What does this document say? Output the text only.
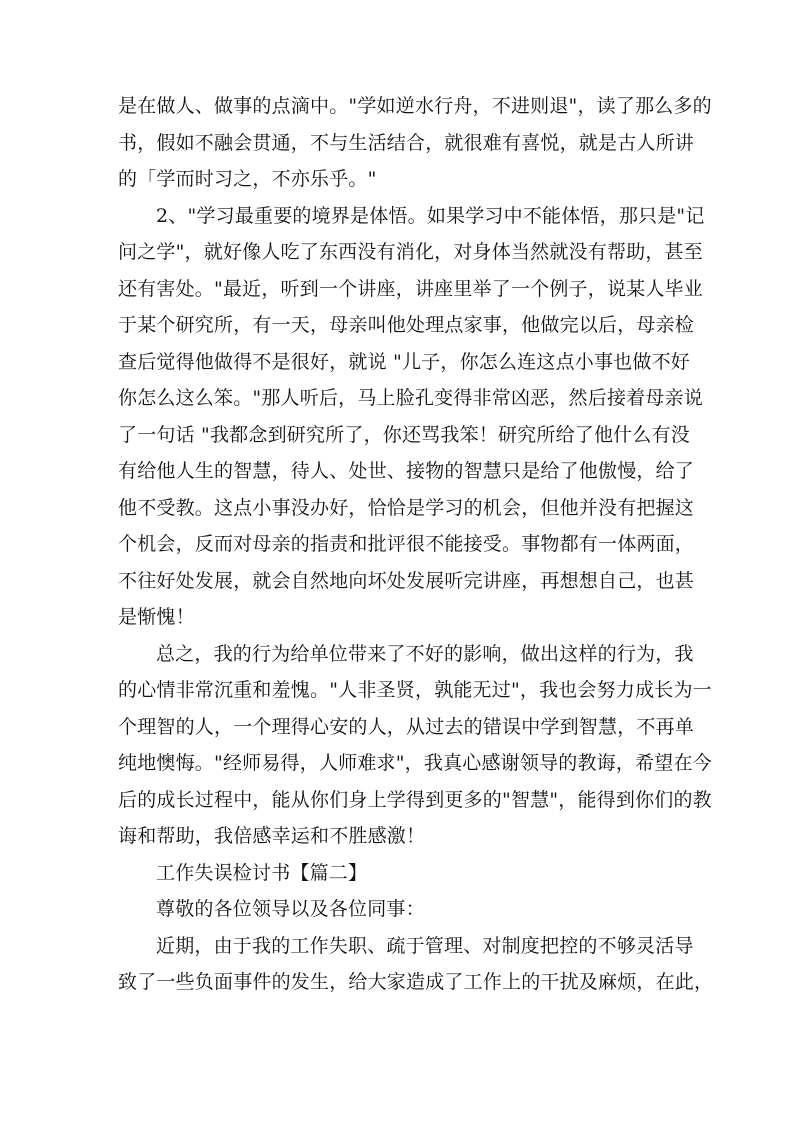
是在做人、做事的点滴中。"学如逆水行舟，不进则退"，读了那么多的
书，假如不融会贯通，不与生活结合，就很难有喜悦，就是古人所讲
的「学而时习之，不亦乐乎。"
2、"学习最重要的境界是体悟。如果学习中不能体悟，那只是"记
问之学"，就好像人吃了东西没有消化，对身体当然就没有帮助，甚至
还有害处。"最近，听到一个讲座，讲座里举了一个例子，说某人毕业
于某个研究所，有一天，母亲叫他处理点家事，他做完以后，母亲检
查后觉得他做得不是很好，就说 "儿子，你怎么连这点小事也做不好
你怎么这么笨。"那人听后，马上脸孔变得非常凶恶，然后接着母亲说
了一句话 "我都念到研究所了，你还骂我笨！研究所给了他什么有没
有给他人生的智慧，待人、处世、接物的智慧只是给了他傲慢，给了
他不受教。这点小事没办好，恰恰是学习的机会，但他并没有把握这
个机会，反而对母亲的指责和批评很不能接受。事物都有一体两面，
不往好处发展，就会自然地向坏处发展听完讲座，再想想自己，也甚
是惭愧！
总之，我的行为给单位带来了不好的影响，做出这样的行为，我
的心情非常沉重和羞愧。"人非圣贤，孰能无过"，我也会努力成长为一
个理智的人，一个理得心安的人，从过去的错误中学到智慧，不再单
纯地懊悔。"经师易得，人师难求"，我真心感谢领导的教诲，希望在今
后的成长过程中，能从你们身上学得到更多的"智慧"，能得到你们的教
诲和帮助，我倍感幸运和不胜感激！
工作失误检讨书【篇二】
尊敬的各位领导以及各位同事：
近期，由于我的工作失职、疏于管理、对制度把控的不够灵活导
致了一些负面事件的发生，给大家造成了工作上的干扰及麻烦，在此，
